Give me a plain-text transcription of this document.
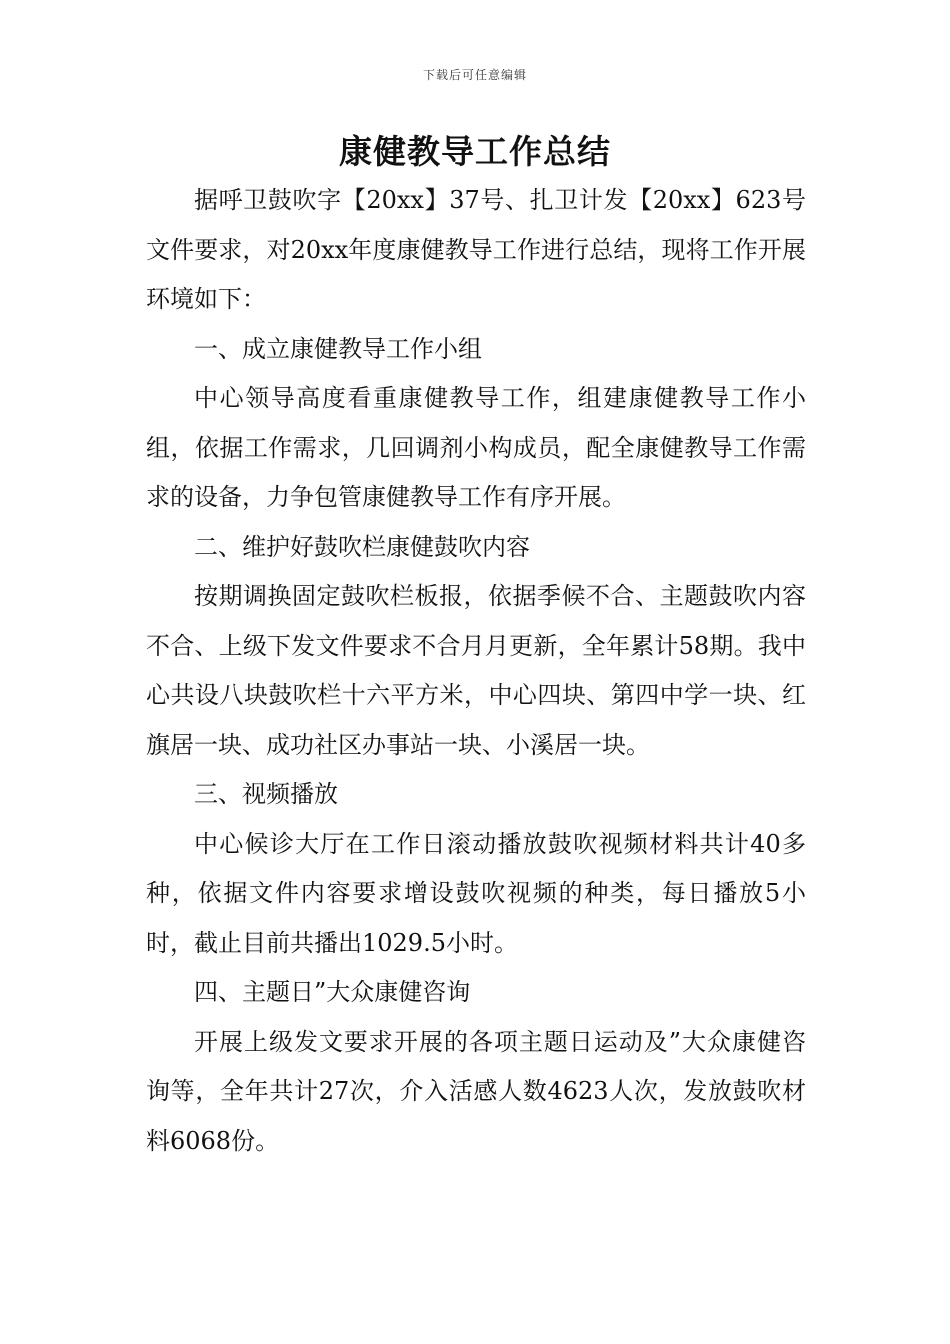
下载后可任意编辑
康健教导工作总结

据呼卫鼓吹字【20xx】37号、扎卫计发【20xx】623号文件要求，对20xx年度康健教导工作进行总结，现将工作开展环境如下：

一、成立康健教导工作小组

中心领导高度看重康健教导工作，组建康健教导工作小组，依据工作需求，几回调剂小构成员，配全康健教导工作需求的设备，力争包管康健教导工作有序开展。

二、维护好鼓吹栏康健鼓吹内容

按期调换固定鼓吹栏板报，依据季候不合、主题鼓吹内容不合、上级下发文件要求不合月月更新，全年累计58期。我中心共设八块鼓吹栏十六平方米，中心四块、第四中学一块、红旗居一块、成功社区办事站一块、小溪居一块。

三、视频播放

中心候诊大厅在工作日滚动播放鼓吹视频材料共计40多种，依据文件内容要求增设鼓吹视频的种类，每日播放5小时，截止目前共播出1029.5小时。

四、主题日”大众康健咨询

开展上级发文要求开展的各项主题日运动及”大众康健咨询等，全年共计27次，介入活感人数4623人次，发放鼓吹材料6068份。
